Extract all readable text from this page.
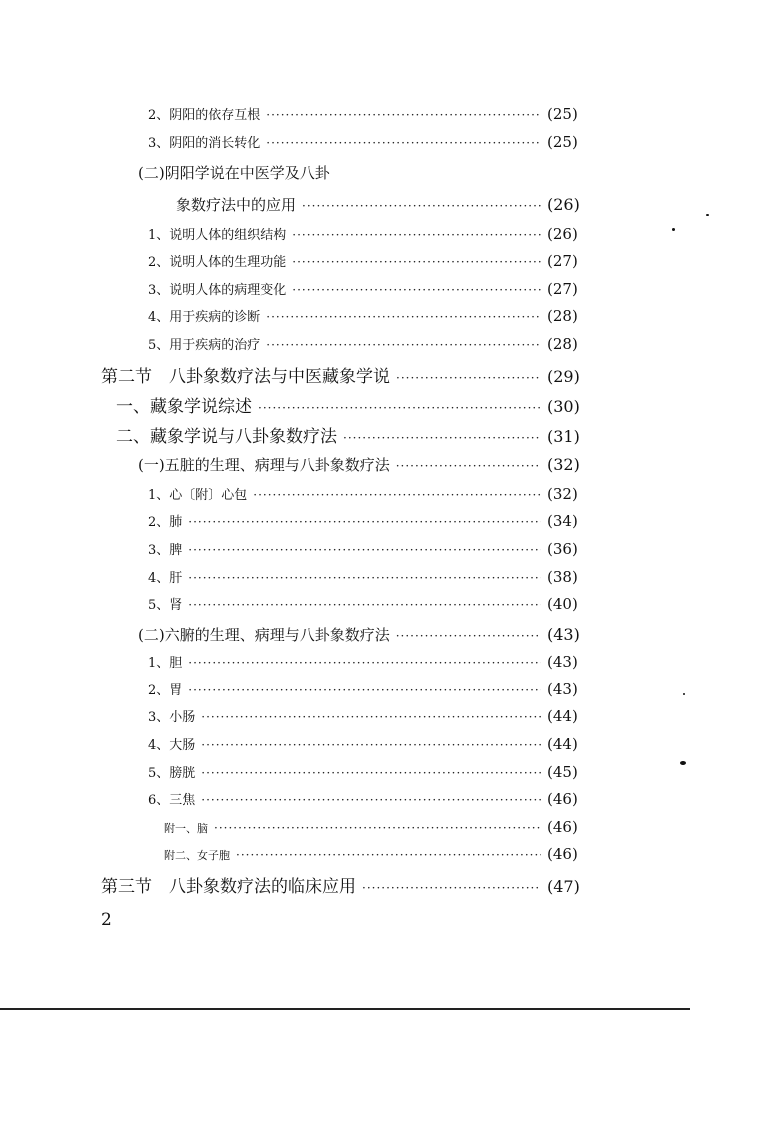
2、阴阳的依存互根 ·····	(25)
3、阴阳的消长转化 ·····	(25)
(二)阴阳学说在中医学及八卦
象数疗法中的应用 ·····	(26)
1、说明人体的组织结构 ·····	(26)
2、说明人体的生理功能 ·····	(27)
3、说明人体的病理变化 ·····	(27)
4、用于疾病的诊断 ·····	(28)
5、用于疾病的治疗 ·····	(28)
第二节　八卦象数疗法与中医藏象学说 ·····	(29)
一、藏象学说综述 ·····	(30)
二、藏象学说与八卦象数疗法 ·····	(31)
(一)五脏的生理、病理与八卦象数疗法 ·····	(32)
1、心〔附〕心包 ·····	(32)
2、肺 ·····	(34)
3、脾 ·····	(36)
4、肝 ·····	(38)
5、肾 ·····	(40)
(二)六腑的生理、病理与八卦象数疗法 ·····	(43)
1、胆 ·····	(43)
2、胃 ·····	(43)
3、小肠 ·····	(44)
4、大肠 ·····	(44)
5、膀胱 ·····	(45)
6、三焦 ·····	(46)
附一、脑 ·····	(46)
附二、女子胞 ·····	(46)
第三节　八卦象数疗法的临床应用 ·····	(47)
2
